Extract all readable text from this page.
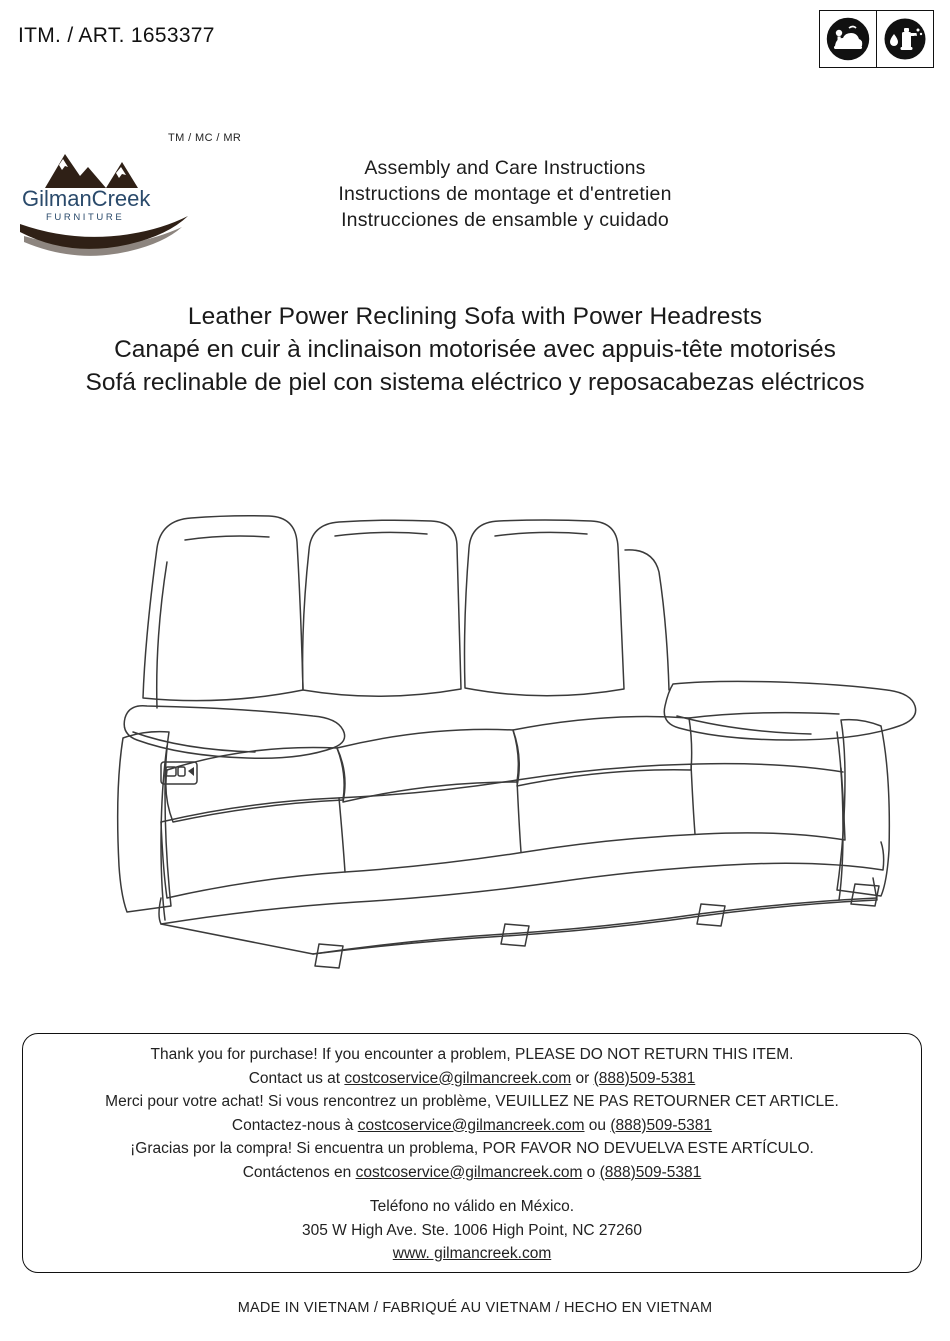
ITM. / ART. 1653377
TM / MC / MR
GilmanCreek
FURNITURE
Assembly and Care Instructions
Instructions de montage et d'entretien
Instrucciones de ensamble y cuidado
Leather Power Reclining Sofa with Power Headrests
Canapé en cuir à inclinaison motorisée avec appuis-tête motorisés
Sofá reclinable de piel con sistema eléctrico y reposacabezas eléctricos
Thank you for purchase! If you encounter a problem, PLEASE DO NOT RETURN THIS ITEM.
Contact us at costcoservice@gilmancreek.com or (888)509-5381
Merci pour votre achat! Si vous rencontrez un problème, VEUILLEZ NE PAS RETOURNER CET ARTICLE.
Contactez-nous à costcoservice@gilmancreek.com ou (888)509-5381
¡Gracias por la compra! Si encuentra un problema, POR FAVOR NO DEVUELVA ESTE ARTÍCULO.
Contáctenos en costcoservice@gilmancreek.com o (888)509-5381
Teléfono no válido en México.
305 W High Ave. Ste. 1006 High Point, NC 27260
www. gilmancreek.com
MADE IN VIETNAM / FABRIQUÉ AU VIETNAM / HECHO EN VIETNAM
